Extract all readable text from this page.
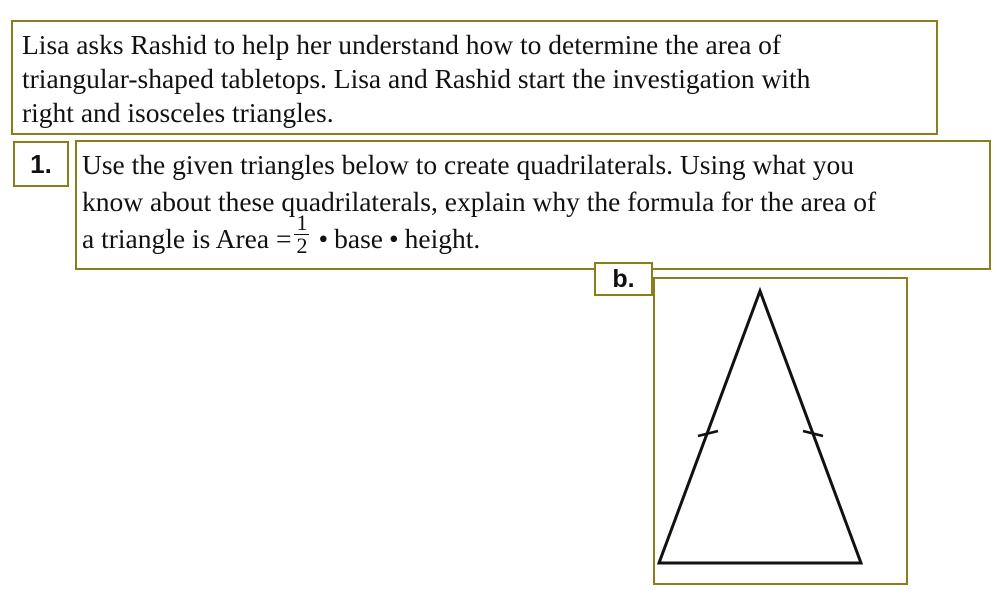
Lisa asks Rashid to help her understand how to determine the area of
triangular-shaped tabletops. Lisa and Rashid start the investigation with
right and isosceles triangles.
1.	Use the given triangles below to create quadrilaterals. Using what you
know about these quadrilaterals, explain why the formula for the area of
a triangle is Area = $\frac{1}{2}$ • base • height.
b.
